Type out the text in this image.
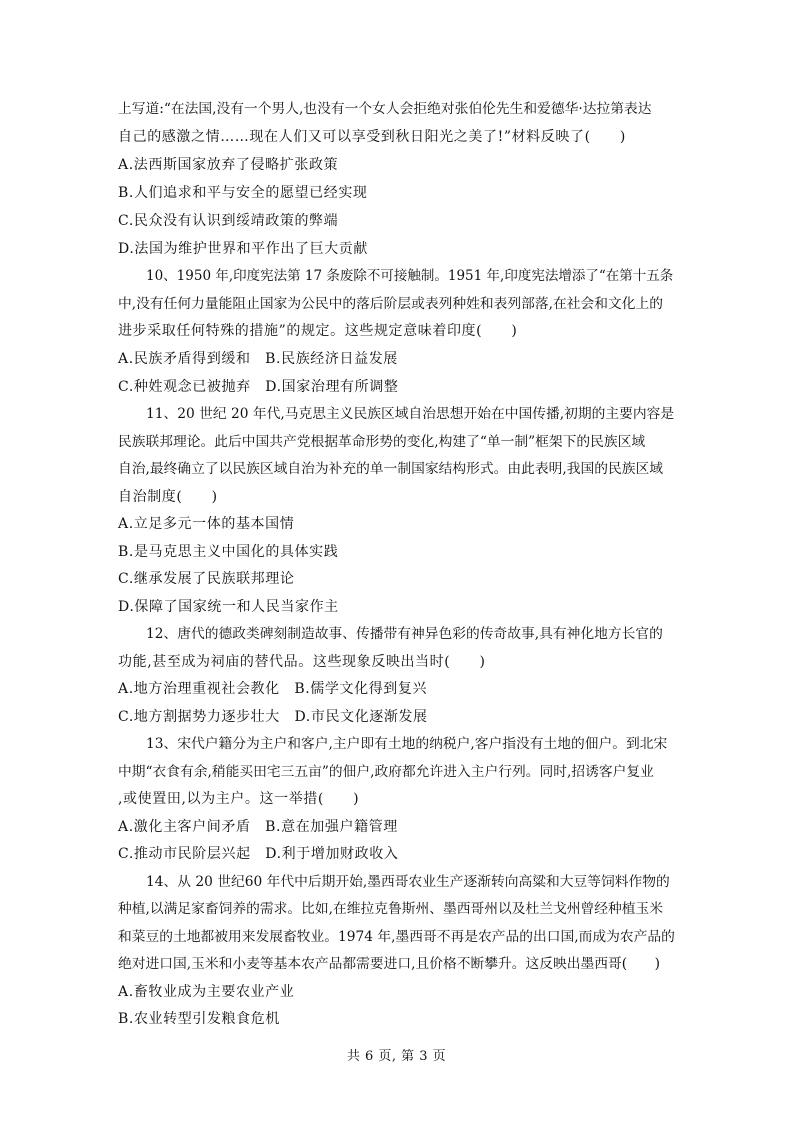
上写道:“在法国,没有一个男人,也没有一个女人会拒绝对张伯伦先生和爱德华·达拉第表达
自己的感激之情……现在人们又可以享受到秋日阳光之美了!”材料反映了(　　)
A.法西斯国家放弃了侵略扩张政策
B.人们追求和平与安全的愿望已经实现
C.民众没有认识到绥靖政策的弊端
D.法国为维护世界和平作出了巨大贡献
10、1950 年,印度宪法第 17 条废除不可接触制。1951 年,印度宪法增添了“在第十五条
中,没有任何力量能阻止国家为公民中的落后阶层或表列种姓和表列部落,在社会和文化上的
进步采取任何特殊的措施”的规定。这些规定意味着印度(　　)
A.民族矛盾得到缓和　B.民族经济日益发展
C.种姓观念已被抛弃　D.国家治理有所调整
11、20 世纪 20 年代,马克思主义民族区域自治思想开始在中国传播,初期的主要内容是
民族联邦理论。此后中国共产党根据革命形势的变化,构建了“单一制”框架下的民族区域
自治,最终确立了以民族区域自治为补充的单一制国家结构形式。由此表明,我国的民族区域
自治制度(　　)
A.立足多元一体的基本国情
B.是马克思主义中国化的具体实践
C.继承发展了民族联邦理论
D.保障了国家统一和人民当家作主
12、唐代的德政类碑刻制造故事、传播带有神异色彩的传奇故事,具有神化地方长官的
功能,甚至成为祠庙的替代品。这些现象反映出当时(　　)
A.地方治理重视社会教化　B.儒学文化得到复兴
C.地方割据势力逐步壮大　D.市民文化逐渐发展
13、宋代户籍分为主户和客户,主户即有土地的纳税户,客户指没有土地的佃户。到北宋
中期“衣食有余,稍能买田宅三五亩”的佃户,政府都允许进入主户行列。同时,招诱客户复业
,或使置田,以为主户。这一举措(　　)
A.激化主客户间矛盾　B.意在加强户籍管理
C.推动市民阶层兴起　D.利于增加财政收入
14、从 20 世纪60 年代中后期开始,墨西哥农业生产逐渐转向高粱和大豆等饲料作物的
种植,以满足家畜饲养的需求。比如,在维拉克鲁斯州、墨西哥州以及杜兰戈州曾经种植玉米
和菜豆的土地都被用来发展畜牧业。1974 年,墨西哥不再是农产品的出口国,而成为农产品的
绝对进口国,玉米和小麦等基本农产品都需要进口,且价格不断攀升。这反映出墨西哥(　　)
A.畜牧业成为主要农业产业
B.农业转型引发粮食危机
共 6 页, 第 3 页
